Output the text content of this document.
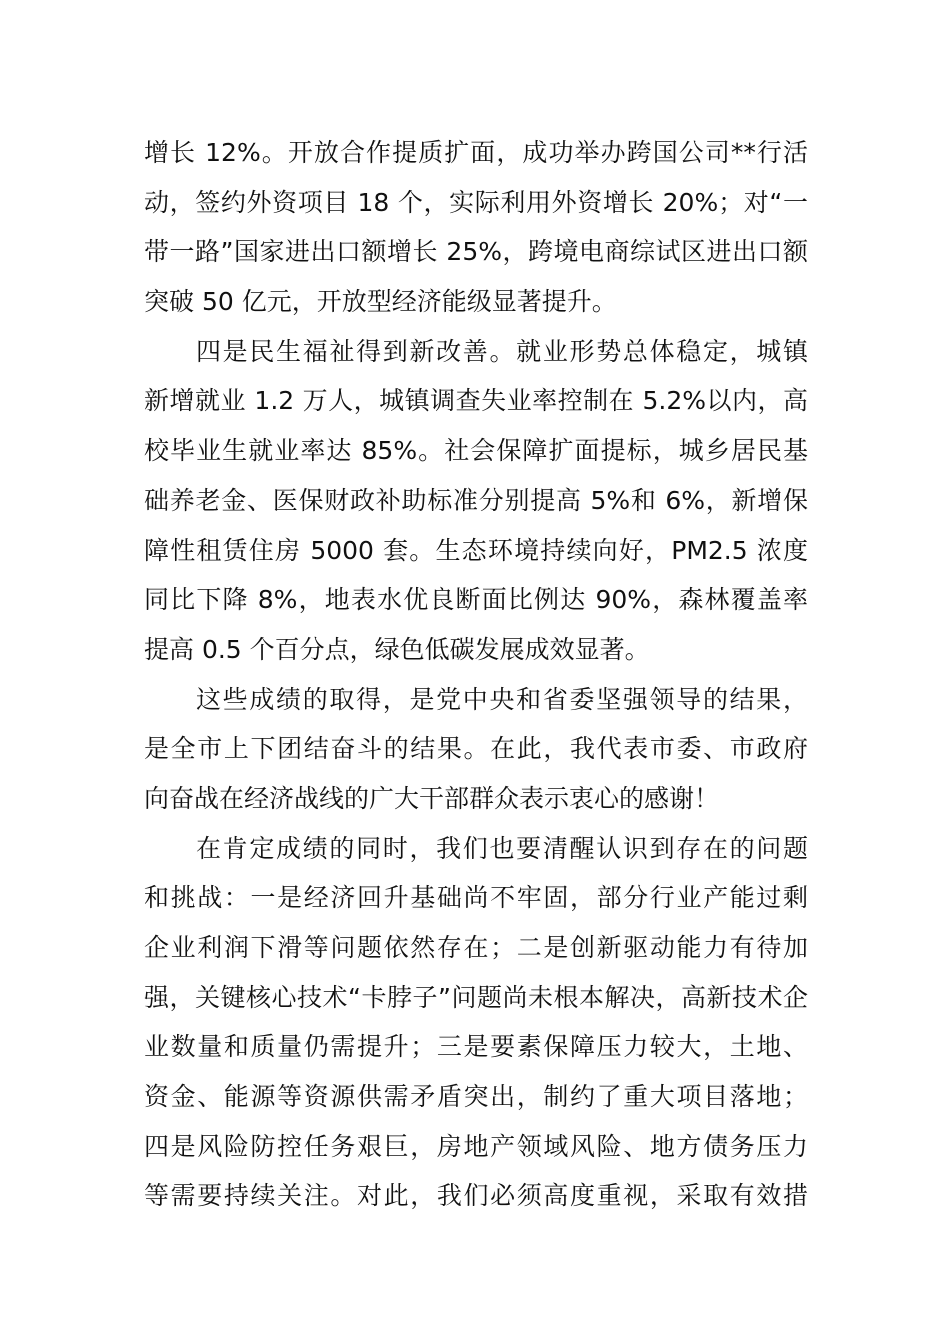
增长 12%。开放合作提质扩面，成功举办跨国公司**行活
动，签约外资项目 18 个，实际利用外资增长 20%；对“一
带一路”国家进出口额增长 25%，跨境电商综试区进出口额
突破 50 亿元，开放型经济能级显著提升。
四是民生福祉得到新改善。就业形势总体稳定，城镇
新增就业 1.2 万人，城镇调查失业率控制在 5.2%以内，高
校毕业生就业率达 85%。社会保障扩面提标，城乡居民基
础养老金、医保财政补助标准分别提高 5%和 6%，新增保
障性租赁住房 5000 套。生态环境持续向好，PM2.5 浓度
同比下降 8%，地表水优良断面比例达 90%，森林覆盖率
提高 0.5 个百分点，绿色低碳发展成效显著。
这些成绩的取得，是党中央和省委坚强领导的结果，
是全市上下团结奋斗的结果。在此，我代表市委、市政府
向奋战在经济战线的广大干部群众表示衷心的感谢！
在肯定成绩的同时，我们也要清醒认识到存在的问题
和挑战：一是经济回升基础尚不牢固，部分行业产能过剩
企业利润下滑等问题依然存在；二是创新驱动能力有待加
强，关键核心技术“卡脖子”问题尚未根本解决，高新技术企
业数量和质量仍需提升；三是要素保障压力较大，土地、
资金、能源等资源供需矛盾突出，制约了重大项目落地；
四是风险防控任务艰巨，房地产领域风险、地方债务压力
等需要持续关注。对此，我们必须高度重视，采取有效措
